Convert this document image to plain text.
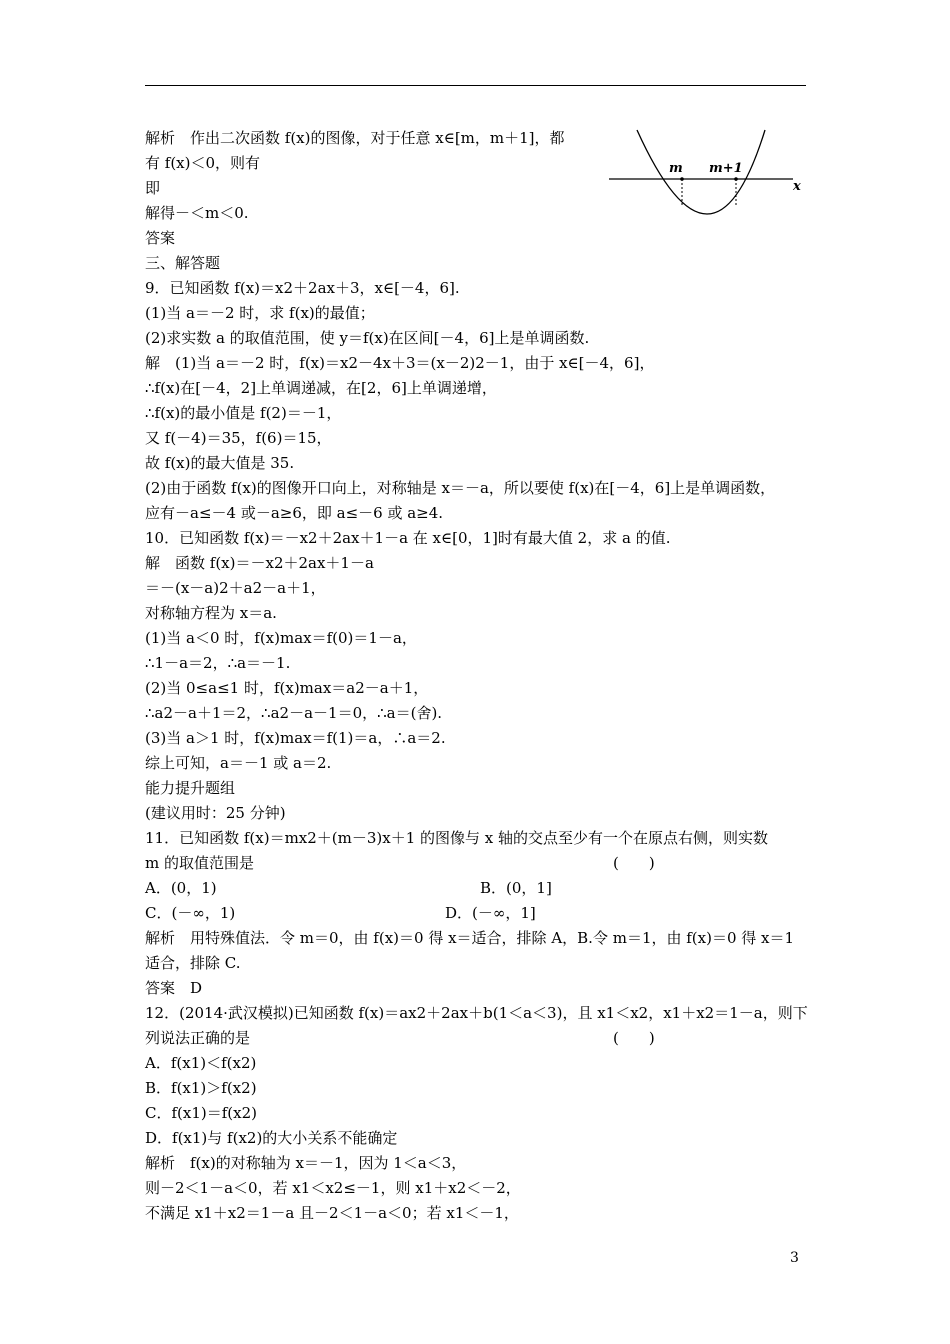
m m+1
x
解析　作出二次函数 f(x)的图像，对于任意 x∈[m，m＋1]，都
有 f(x)＜0，则有
即
解得－＜m＜0.
答案
三、解答题
9．已知函数 f(x)＝x2＋2ax＋3，x∈[－4，6].
(1)当 a＝－2 时，求 f(x)的最值；
(2)求实数 a 的取值范围，使 y＝f(x)在区间[－4，6]上是单调函数.
解　(1)当 a＝－2 时，f(x)＝x2－4x＋3＝(x－2)2－1，由于 x∈[－4，6]，
∴f(x)在[－4，2]上单调递减，在[2，6]上单调递增，
∴f(x)的最小值是 f(2)＝－1，
又 f(－4)＝35，f(6)＝15，
故 f(x)的最大值是 35.
(2)由于函数 f(x)的图像开口向上，对称轴是 x＝－a，所以要使 f(x)在[－4，6]上是单调函数，
应有－a≤－4 或－a≥6，即 a≤－6 或 a≥4.
10．已知函数 f(x)＝－x2＋2ax＋1－a 在 x∈[0，1]时有最大值 2，求 a 的值.
解　函数 f(x)＝－x2＋2ax＋1－a
＝－(x－a)2＋a2－a＋1，
对称轴方程为 x＝a.
(1)当 a＜0 时，f(x)max＝f(0)＝1－a，
∴1－a＝2，∴a＝－1.
(2)当 0≤a≤1 时，f(x)max＝a2－a＋1，
∴a2－a＋1＝2，∴a2－a－1＝0，∴a＝(舍).
(3)当 a＞1 时，f(x)max＝f(1)＝a，∴a＝2.
综上可知，a＝－1 或 a＝2.
能力提升题组
(建议用时：25 分钟)
11．已知函数 f(x)＝mx2＋(m－3)x＋1 的图像与 x 轴的交点至少有一个在原点右侧，则实数
m 的取值范围是	(　　)
A．(0，1)	B．(0，1]
C．(－∞，1)	D．(－∞，1]
解析　用特殊值法．令 m＝0，由 f(x)＝0 得 x＝适合，排除 A，B.令 m＝1，由 f(x)＝0 得 x＝1
适合，排除 C.
答案　D
12．(2014·武汉模拟)已知函数 f(x)＝ax2＋2ax＋b(1＜a＜3)，且 x1＜x2，x1＋x2＝1－a，则下
列说法正确的是	(　　)
A．f(x1)＜f(x2)
B．f(x1)＞f(x2)
C．f(x1)＝f(x2)
D．f(x1)与 f(x2)的大小关系不能确定
解析　f(x)的对称轴为 x＝－1，因为 1＜a＜3，
则－2＜1－a＜0，若 x1＜x2≤－1，则 x1＋x2＜－2，
不满足 x1＋x2＝1－a 且－2＜1－a＜0；若 x1＜－1，
3
